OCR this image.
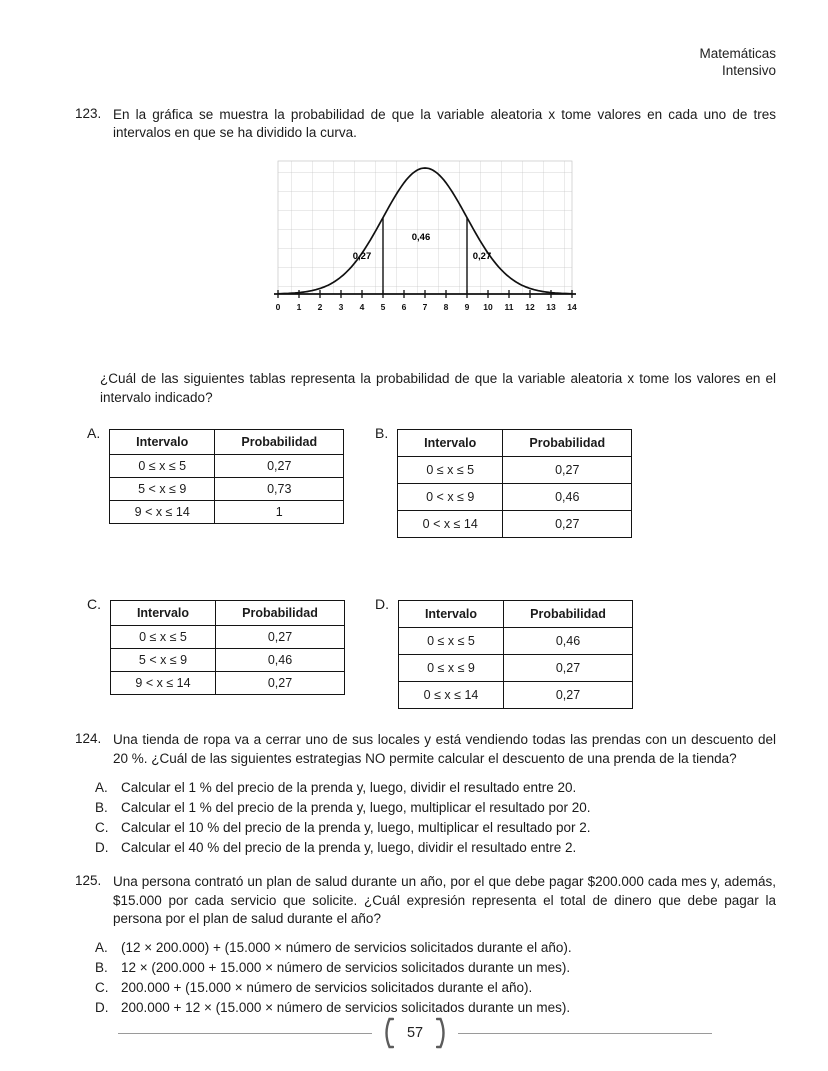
Matemáticas
Intensivo
123. En la gráfica se muestra la probabilidad de que la variable aleatoria x tome valores en cada uno de tres intervalos en que se ha dividido la curva.

0 1 2 3 4 5 6 7 8 9 10 11 12 13 14
0,27
0,46
0,27

¿Cuál de las siguientes tablas representa la probabilidad de que la variable aleatoria x tome los valores en el intervalo indicado?

A.
Intervalo	Probabilidad
0 ≤ x ≤ 5	0,27
5 < x ≤ 9	0,73
9 < x ≤ 14	1
B.
Intervalo	Probabilidad
0 ≤ x ≤ 5	0,27
0 < x ≤ 9	0,46
0 < x ≤ 14	0,27
C.
Intervalo	Probabilidad
0 ≤ x ≤ 5	0,27
5 < x ≤ 9	0,46
9 < x ≤ 14	0,27
D.
Intervalo	Probabilidad
0 ≤ x ≤ 5	0,46
0 ≤ x ≤ 9	0,27
0 ≤ x ≤ 14	0,27
124. Una tienda de ropa va a cerrar uno de sus locales y está vendiendo todas las prendas con un descuento del 20 %. ¿Cuál de las siguientes estrategias NO permite calcular el descuento de una prenda de la tienda?

A. Calcular el 1 % del precio de la prenda y, luego, dividir el resultado entre 20.
B. Calcular el 1 % del precio de la prenda y, luego, multiplicar el resultado por 20.
C. Calcular el 10 % del precio de la prenda y, luego, multiplicar el resultado por 2.
D. Calcular el 40 % del precio de la prenda y, luego, dividir el resultado entre 2.
125. Una persona contrató un plan de salud durante un año, por el que debe pagar $200.000 cada mes y, además, $15.000 por cada servicio que solicite. ¿Cuál expresión representa el total de dinero que debe pagar la persona por el plan de salud durante el año?

A. (12 × 200.000) + (15.000 × número de servicios solicitados durante el año).
B. 12 × (200.000 + 15.000 × número de servicios solicitados durante un mes).
C. 200.000 + (15.000 × número de servicios solicitados durante el año).
D. 200.000 + 12 × (15.000 × número de servicios solicitados durante un mes).
57
